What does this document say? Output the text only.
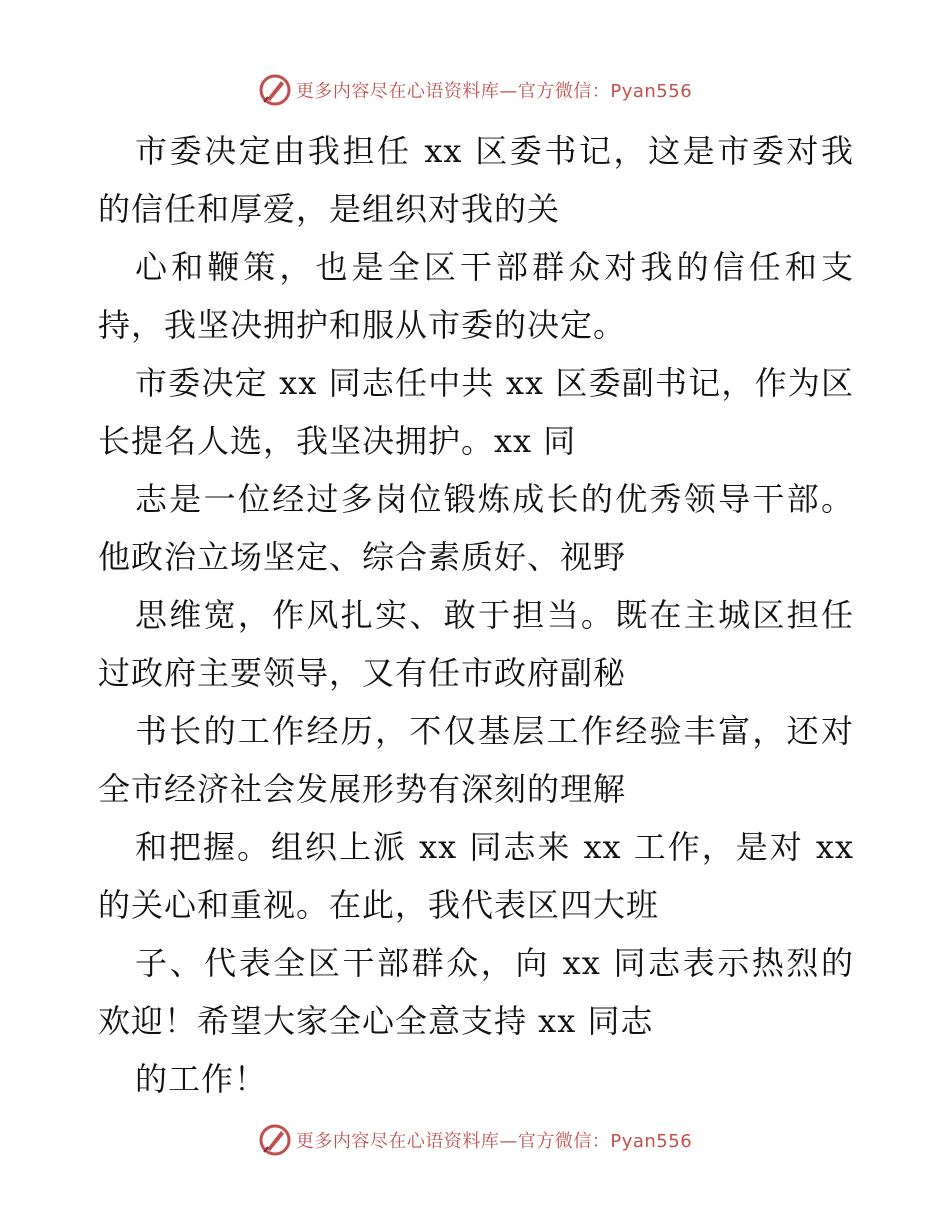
更多内容尽在心语资料库—官方微信：Pyan556

市委决定由我担任 xx 区委书记，这是市委对我的信任和厚爱，是组织对我的关

心和鞭策，也是全区干部群众对我的信任和支持，我坚决拥护和服从市委的决定。

市委决定 xx 同志任中共 xx 区委副书记，作为区长提名人选，我坚决拥护。xx 同

志是一位经过多岗位锻炼成长的优秀领导干部。他政治立场坚定、综合素质好、视野

思维宽，作风扎实、敢于担当。既在主城区担任过政府主要领导，又有任市政府副秘

书长的工作经历，不仅基层工作经验丰富，还对全市经济社会发展形势有深刻的理解

和把握。组织上派 xx 同志来 xx 工作，是对 xx 的关心和重视。在此，我代表区四大班

子、代表全区干部群众，向 xx 同志表示热烈的欢迎！希望大家全心全意支持 xx 同志

的工作！

更多内容尽在心语资料库—官方微信：Pyan556
